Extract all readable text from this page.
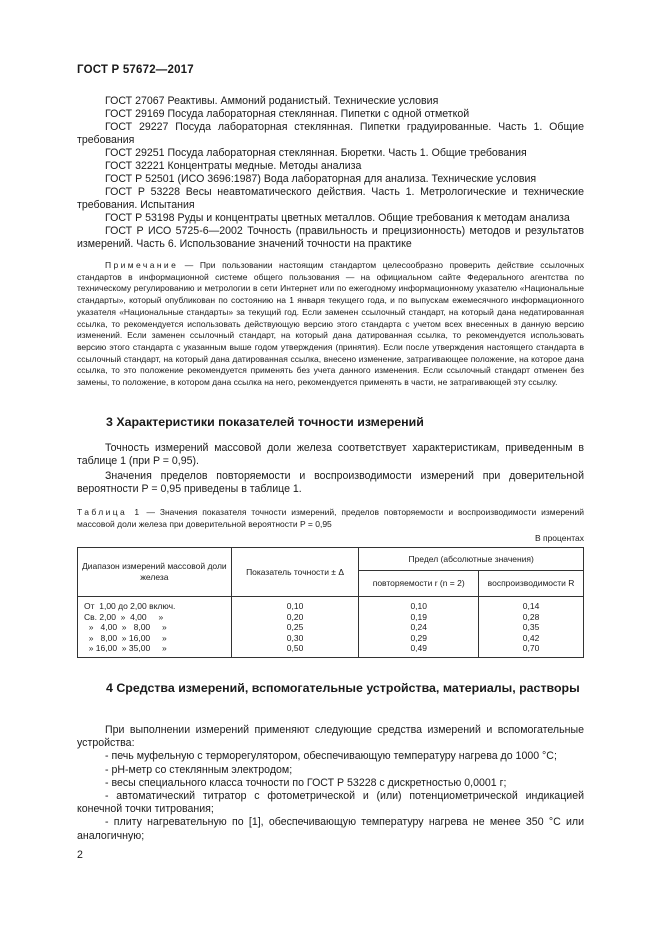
ГОСТ Р 57672—2017
ГОСТ 27067 Реактивы. Аммоний роданистый. Технические условия
ГОСТ 29169 Посуда лабораторная стеклянная. Пипетки с одной отметкой
ГОСТ 29227 Посуда лабораторная стеклянная. Пипетки градуированные. Часть 1. Общие требования
ГОСТ 29251 Посуда лабораторная стеклянная. Бюретки. Часть 1. Общие требования
ГОСТ 32221 Концентраты медные. Методы анализа
ГОСТ Р 52501 (ИСО 3696:1987) Вода лабораторная для анализа. Технические условия
ГОСТ Р 53228 Весы неавтоматического действия. Часть 1. Метрологические и технические требования. Испытания
ГОСТ Р 53198 Руды и концентраты цветных металлов. Общие требования к методам анализа
ГОСТ Р ИСО 5725-6—2002 Точность (правильность и прецизионность) методов и результатов измерений. Часть 6. Использование значений точности на практике
Примечание — При пользовании настоящим стандартом целесообразно проверить действие ссылочных стандартов в информационной системе общего пользования — на официальном сайте Федерального агентства по техническому регулированию и метрологии в сети Интернет или по ежегодному информационному указателю «Национальные стандарты», который опубликован по состоянию на 1 января текущего года, и по выпускам ежемесячного информационного указателя «Национальные стандарты» за текущий год. Если заменен ссылочный стандарт, на который дана недатированная ссылка, то рекомендуется использовать действующую версию этого стандарта с учетом всех внесенных в данную версию изменений. Если заменен ссылочный стандарт, на который дана датированная ссылка, то рекомендуется использовать версию этого стандарта с указанным выше годом утверждения (принятия). Если после утверждения настоящего стандарта в ссылочный стандарт, на который дана датированная ссылка, внесено изменение, затрагивающее положение, на которое дана ссылка, то это положение рекомендуется применять без учета данного изменения. Если ссылочный стандарт отменен без замены, то положение, в котором дана ссылка на него, рекомендуется применять в части, не затрагивающей эту ссылку.
3 Характеристики показателей точности измерений
Точность измерений массовой доли железа соответствует характеристикам, приведенным в таблице 1 (при P = 0,95).
Значения пределов повторяемости и воспроизводимости измерений при доверительной вероятности P = 0,95 приведены в таблице 1.
Таблица 1 — Значения показателя точности измерений, пределов повторяемости и воспроизводимости измерений массовой доли железа при доверительной вероятности P = 0,95
В процентах
Диапазон измерений массовой доли железа	Показатель точности ± Δ	Предел (абсолютные значения)	
		повторяемости r (n = 2)	воспроизводимости R
От  1,00 до 2,00 включ.	0,10	0,10	0,14
Св. 2,00  »  4,00     »	0,20	0,19	0,28
»   4,00  »   8,00     »	0,25	0,24	0,35
»   8,00  » 16,00     »	0,30	0,29	0,42
» 16,00  » 35,00     »	0,50	0,49	0,70
4 Средства измерений, вспомогательные устройства, материалы, растворы
При выполнении измерений применяют следующие средства измерений и вспомогательные устройства:
- печь муфельную с терморегулятором, обеспечивающую температуру нагрева до 1000 °С;
- рН-метр со стеклянным электродом;
- весы специального класса точности по ГОСТ Р 53228 с дискретностью 0,0001 г;
- автоматический титратор с фотометрической и (или) потенциометрической индикацией конечной точки титрования;
- плиту нагревательную по [1], обеспечивающую температуру нагрева не менее 350 °С или аналогичную;
2
